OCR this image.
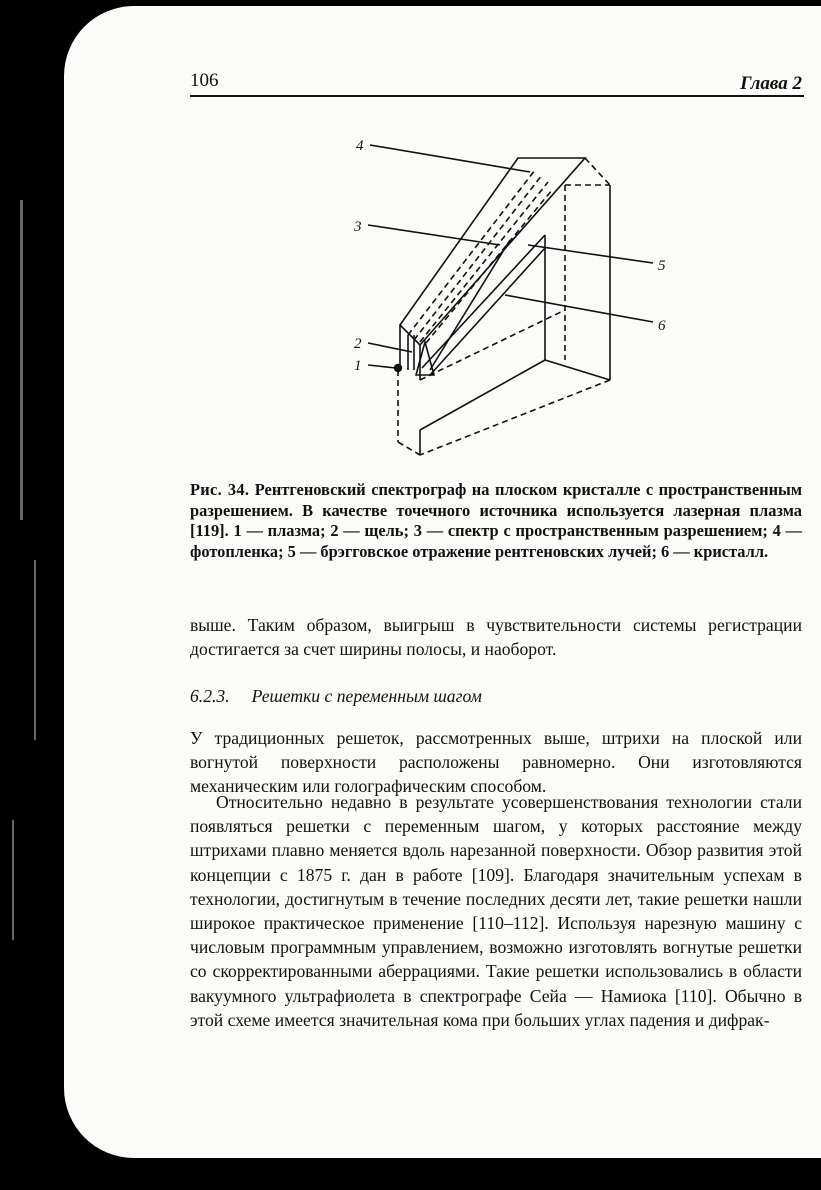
106	Глава 2
4
3
5
6
2
1

Рис. 34. Рентгеновский спектрограф на плоском кристалле с пространственным разрешением. В качестве точечного источника используется лазерная плазма [119]. 1 — плазма; 2 — щель; 3 — спектр с пространственным разрешением; 4 — фотопленка; 5 — брэгговское отражение рентгеновских лучей; 6 — кристалл.

выше. Таким образом, выигрыш в чувствительности системы регистрации достигается за счет ширины полосы, и наоборот.

6.2.3. Решетки с переменным шагом

У традиционных решеток, рассмотренных выше, штрихи на плоской или вогнутой поверхности расположены равномерно. Они изготовляются механическим или голографическим способом.

Относительно недавно в результате усовершенствования технологии стали появляться решетки с переменным шагом, у которых расстояние между штрихами плавно меняется вдоль нарезанной поверхности. Обзор развития этой концепции с 1875 г. дан в работе [109]. Благодаря значительным успехам в технологии, достигнутым в течение последних десяти лет, такие решетки нашли широкое практическое применение [110–112]. Используя нарезную машину с числовым программным управлением, возможно изготовлять вогнутые решетки со скорректированными аберрациями. Такие решетки использовались в области вакуумного ультрафиолета в спектрографе Сейа — Намиока [110]. Обычно в этой схеме имеется значительная кома при больших углах падения и дифрак-
